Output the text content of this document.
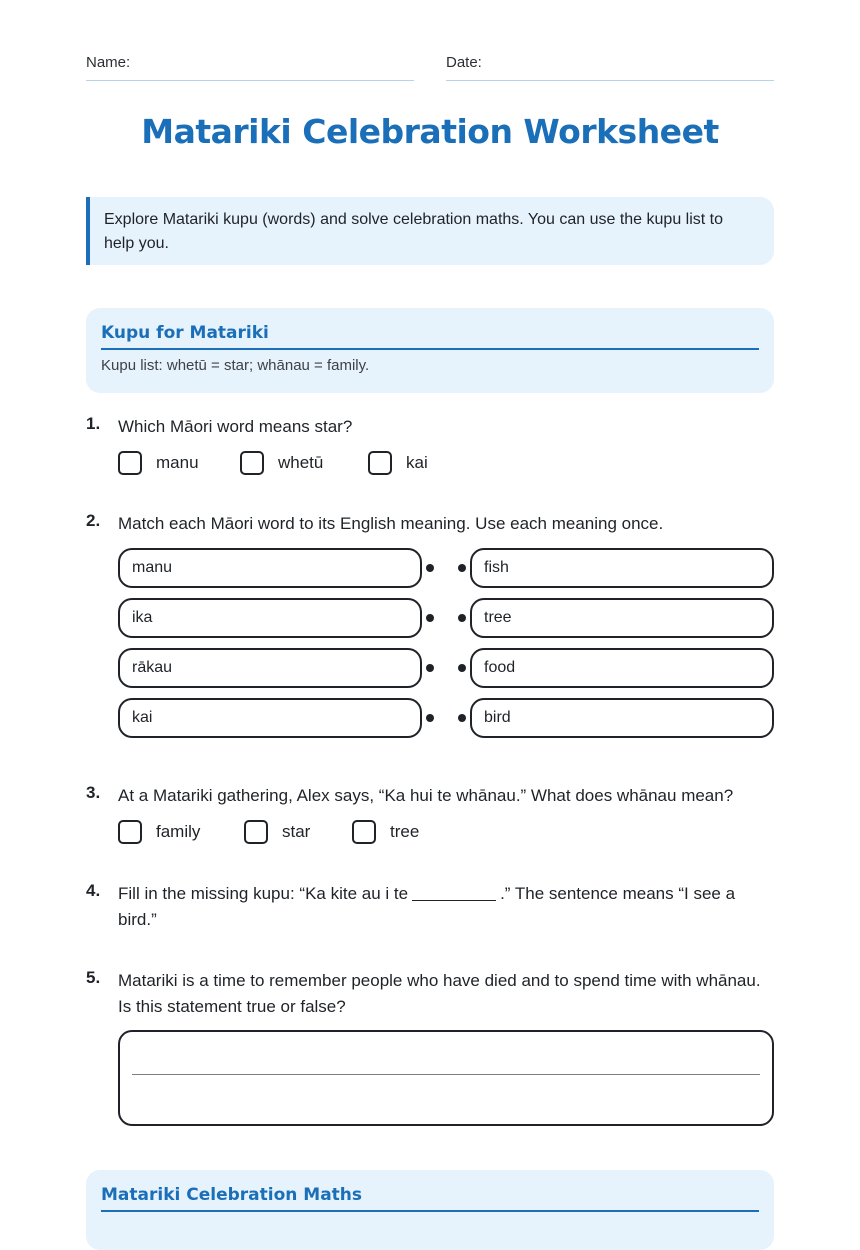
Name:	Date:
Matariki Celebration Worksheet
Explore Matariki kupu (words) and solve celebration maths. You can use the kupu list to help you.
Kupu for Matariki
Kupu list: whetū = star; whānau = family.
1. Which Māori word means star?
manu	whetū	kai
2. Match each Māori word to its English meaning. Use each meaning once.
manu
ika
rākau
kai
fish
tree
food
bird
3. At a Matariki gathering, Alex says, “Ka hui te whānau.” What does whānau mean?
family	star	tree
4. Fill in the missing kupu: “Ka kite au i te	.” The sentence means “I see a bird.”
5. Matariki is a time to remember people who have died and to spend time with whānau. Is this statement true or false?
Matariki Celebration Maths
